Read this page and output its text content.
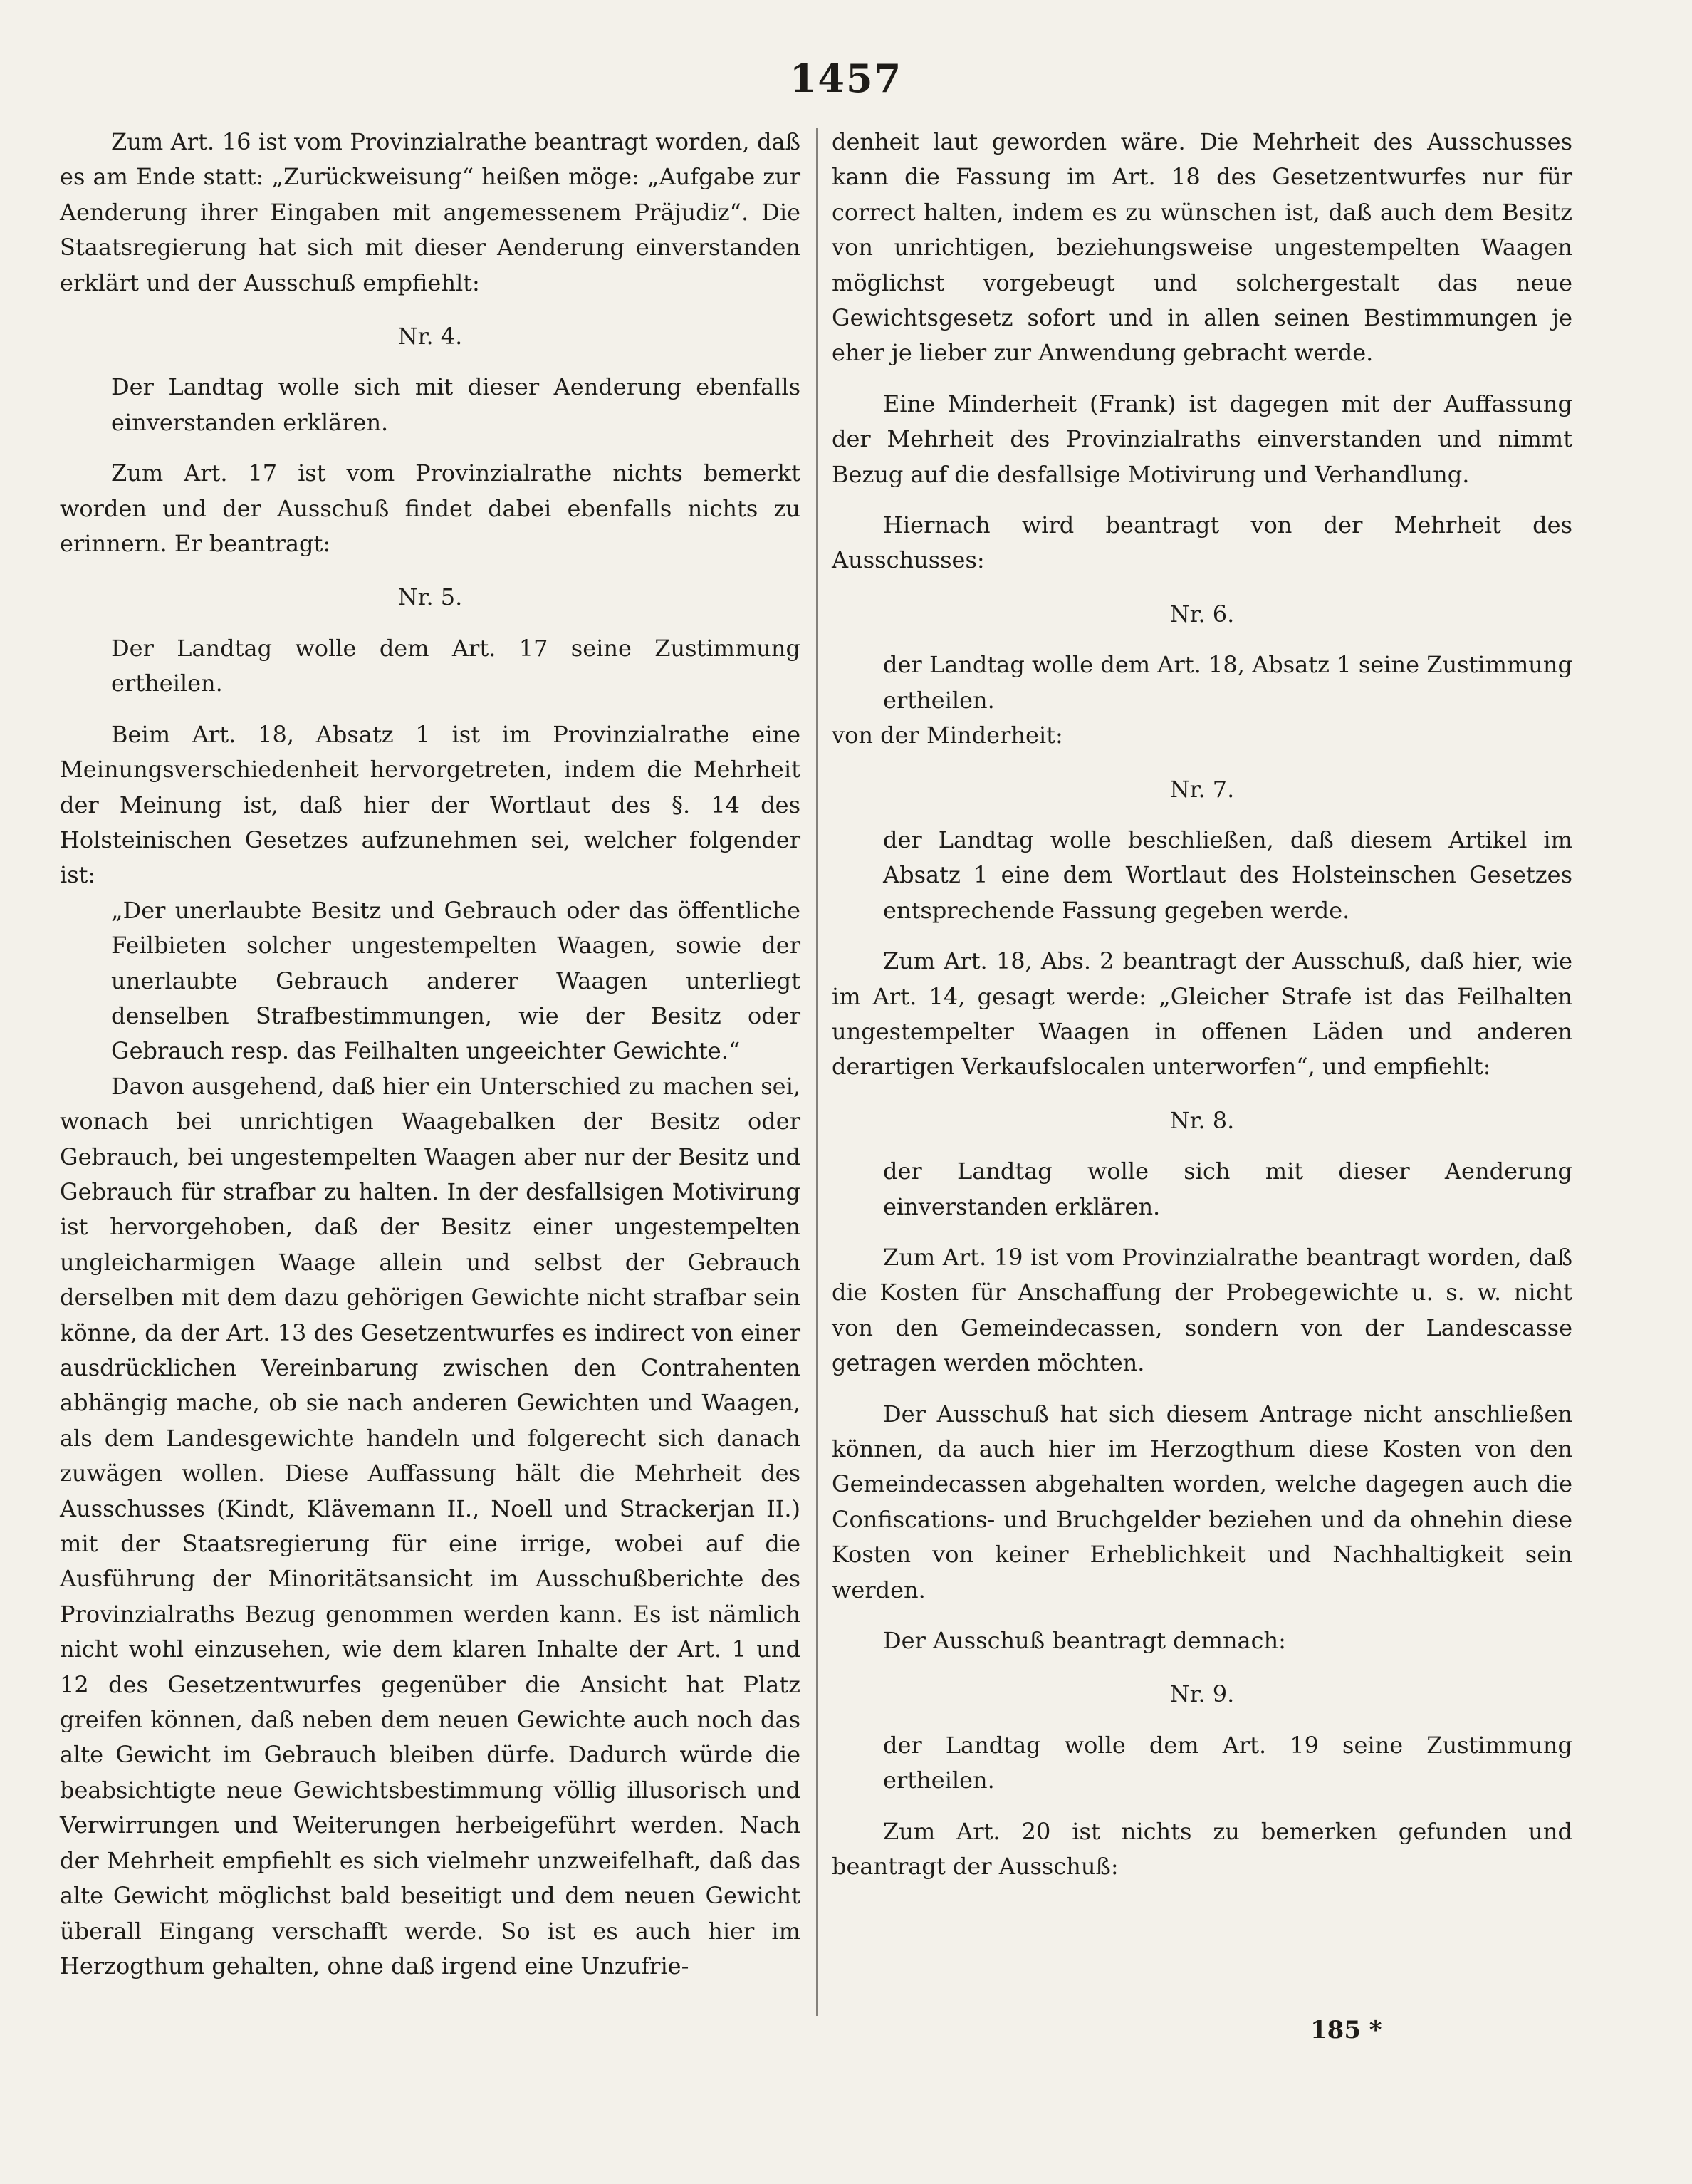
1457

Zum Art. 16 ist vom Provinzialrathe beantragt worden, daß es am Ende statt: „Zurückweisung“ heißen möge: „Aufgabe zur Aenderung ihrer Eingaben mit angemessenem Präjudiz“. Die Staatsregierung hat sich mit dieser Aenderung einverstanden erklärt und der Ausschuß empfiehlt:

Nr. 4.

Der Landtag wolle sich mit dieser Aenderung ebenfalls einverstanden erklären.

Zum Art. 17 ist vom Provinzialrathe nichts bemerkt worden und der Ausschuß findet dabei ebenfalls nichts zu erinnern. Er beantragt:

Nr. 5.

Der Landtag wolle dem Art. 17 seine Zustimmung ertheilen.

Beim Art. 18, Absatz 1 ist im Provinzialrathe eine Meinungsverschiedenheit hervorgetreten, indem die Mehrheit der Meinung ist, daß hier der Wortlaut des §. 14 des Holsteinischen Gesetzes aufzunehmen sei, welcher folgender ist:

„Der unerlaubte Besitz und Gebrauch oder das öffentliche Feilbieten solcher ungestempelten Waagen, sowie der unerlaubte Gebrauch anderer Waagen unterliegt denselben Strafbestimmungen, wie der Besitz oder Gebrauch resp. das Feilhalten ungeeichter Gewichte.“

Davon ausgehend, daß hier ein Unterschied zu machen sei, wonach bei unrichtigen Waagebalken der Besitz oder Gebrauch, bei ungestempelten Waagen aber nur der Besitz und Gebrauch für strafbar zu halten. In der desfallsigen Motivirung ist hervorgehoben, daß der Besitz einer ungestempelten ungleicharmigen Waage allein und selbst der Gebrauch derselben mit dem dazu gehörigen Gewichte nicht strafbar sein könne, da der Art. 13 des Gesetzentwurfes es indirect von einer ausdrücklichen Vereinbarung zwischen den Contrahenten abhängig mache, ob sie nach anderen Gewichten und Waagen, als dem Landesgewichte handeln und folgerecht sich danach zuwägen wollen. Diese Auffassung hält die Mehrheit des Ausschusses (Kindt, Klävemann II., Noell und Strackerjan II.) mit der Staatsregierung für eine irrige, wobei auf die Ausführung der Minoritätsansicht im Ausschußberichte des Provinzialraths Bezug genommen werden kann. Es ist nämlich nicht wohl einzusehen, wie dem klaren Inhalte der Art. 1 und 12 des Gesetzentwurfes gegenüber die Ansicht hat Platz greifen können, daß neben dem neuen Gewichte auch noch das alte Gewicht im Gebrauch bleiben dürfe. Dadurch würde die beabsichtigte neue Gewichtsbestimmung völlig illusorisch und Verwirrungen und Weiterungen herbeigeführt werden. Nach der Mehrheit empfiehlt es sich vielmehr unzweifelhaft, daß das alte Gewicht möglichst bald beseitigt und dem neuen Gewicht überall Eingang verschafft werde. So ist es auch hier im Herzogthum gehalten, ohne daß irgend eine Unzufrie-

denheit laut geworden wäre. Die Mehrheit des Ausschusses kann die Fassung im Art. 18 des Gesetzentwurfes nur für correct halten, indem es zu wünschen ist, daß auch dem Besitz von unrichtigen, beziehungsweise ungestempelten Waagen möglichst vorgebeugt und solchergestalt das neue Gewichtsgesetz sofort und in allen seinen Bestimmungen je eher je lieber zur Anwendung gebracht werde.

Eine Minderheit (Frank) ist dagegen mit der Auffassung der Mehrheit des Provinzialraths einverstanden und nimmt Bezug auf die desfallsige Motivirung und Verhandlung.

Hiernach wird beantragt von der Mehrheit des Ausschusses:

Nr. 6.

der Landtag wolle dem Art. 18, Absatz 1 seine Zustimmung ertheilen.

von der Minderheit:

Nr. 7.

der Landtag wolle beschließen, daß diesem Artikel im Absatz 1 eine dem Wortlaut des Holsteinschen Gesetzes entsprechende Fassung gegeben werde.

Zum Art. 18, Abs. 2 beantragt der Ausschuß, daß hier, wie im Art. 14, gesagt werde: „Gleicher Strafe ist das Feilhalten ungestempelter Waagen in offenen Läden und anderen derartigen Verkaufslocalen unterworfen“, und empfiehlt:

Nr. 8.

der Landtag wolle sich mit dieser Aenderung einverstanden erklären.

Zum Art. 19 ist vom Provinzialrathe beantragt worden, daß die Kosten für Anschaffung der Probegewichte u. s. w. nicht von den Gemeindecassen, sondern von der Landescasse getragen werden möchten.

Der Ausschuß hat sich diesem Antrage nicht anschließen können, da auch hier im Herzogthum diese Kosten von den Gemeindecassen abgehalten worden, welche dagegen auch die Confiscations- und Bruchgelder beziehen und da ohnehin diese Kosten von keiner Erheblichkeit und Nachhaltigkeit sein werden.

Der Ausschuß beantragt demnach:

Nr. 9.

der Landtag wolle dem Art. 19 seine Zustimmung ertheilen.

Zum Art. 20 ist nichts zu bemerken gefunden und beantragt der Ausschuß:

185 *
